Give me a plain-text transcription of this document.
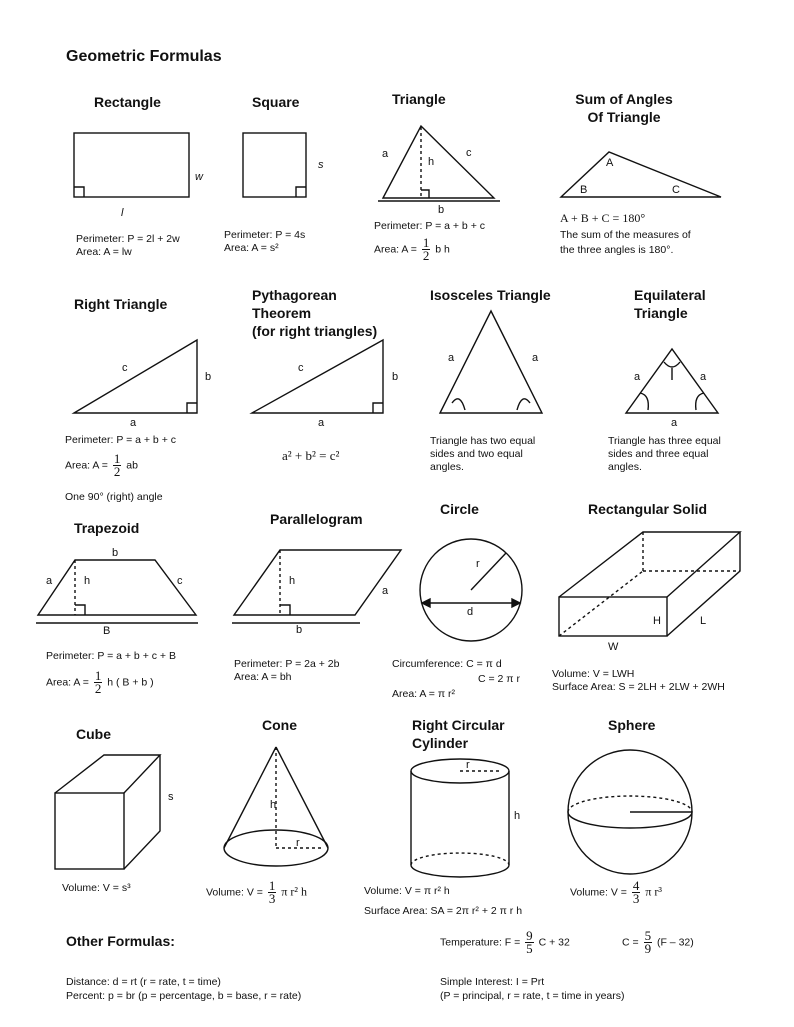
Geometric Formulas
Rectangle
w
l
Perimeter: P = 2l + 2w
Area: A = lw
Square
s
Perimeter: P = 4s
Area: A = s²
Triangle
a	c
h
b
Perimeter: P = a + b + c
Area: $A = \frac{1}{2}$ b h
Sum of Angles
Of Triangle
A
B	C
A + B + C = 180°
The sum of the measures of
the three angles is 180°.
Right Triangle
c
b
a
Perimeter: P = a + b + c
Area: $A = \frac{1}{2}$ ab
One 90° (right) angle
Pythagorean
Theorem
(for right triangles)
c
b
a
a² + b² = c²
Isosceles Triangle
a	a
Triangle has two equal
sides and two equal
angles.
Equilateral
Triangle
a	a
a
Triangle has three equal
sides and three equal
angles.
Trapezoid
b
a	h	c
B
Perimeter: P = a + b + c + B
Area: $A = \frac{1}{2}$ h ( B + b )
Parallelogram
h
a
b
Perimeter: P = 2a + 2b
Area: A = bh
Circle
r
d
Circumference: C = π d
C = 2 π r
Area: A = π r²
Rectangular Solid
H	L
W
Volume: V = LWH
Surface Area: S = 2LH + 2LW + 2WH
Cube
s
Volume: V = s³
Cone
h
r
Volume: $V = \frac{1}{3}$ π r² h
Right Circular
Cylinder
r
h
Volume: V = π r² h
Surface Area: SA = 2π r² + 2 π r h
Sphere
Volume: $V = \frac{4}{3}$ π r³
Other Formulas:	Temperature: $F = \frac{9}{5}$ C + 32	$C = \frac{5}{9} (F - 32)$
Distance: d = rt (r = rate, t = time)
Percent: p = br (p = percentage, b = base, r = rate)
Simple Interest: I = Prt
(P = principal, r = rate, t = time in years)
